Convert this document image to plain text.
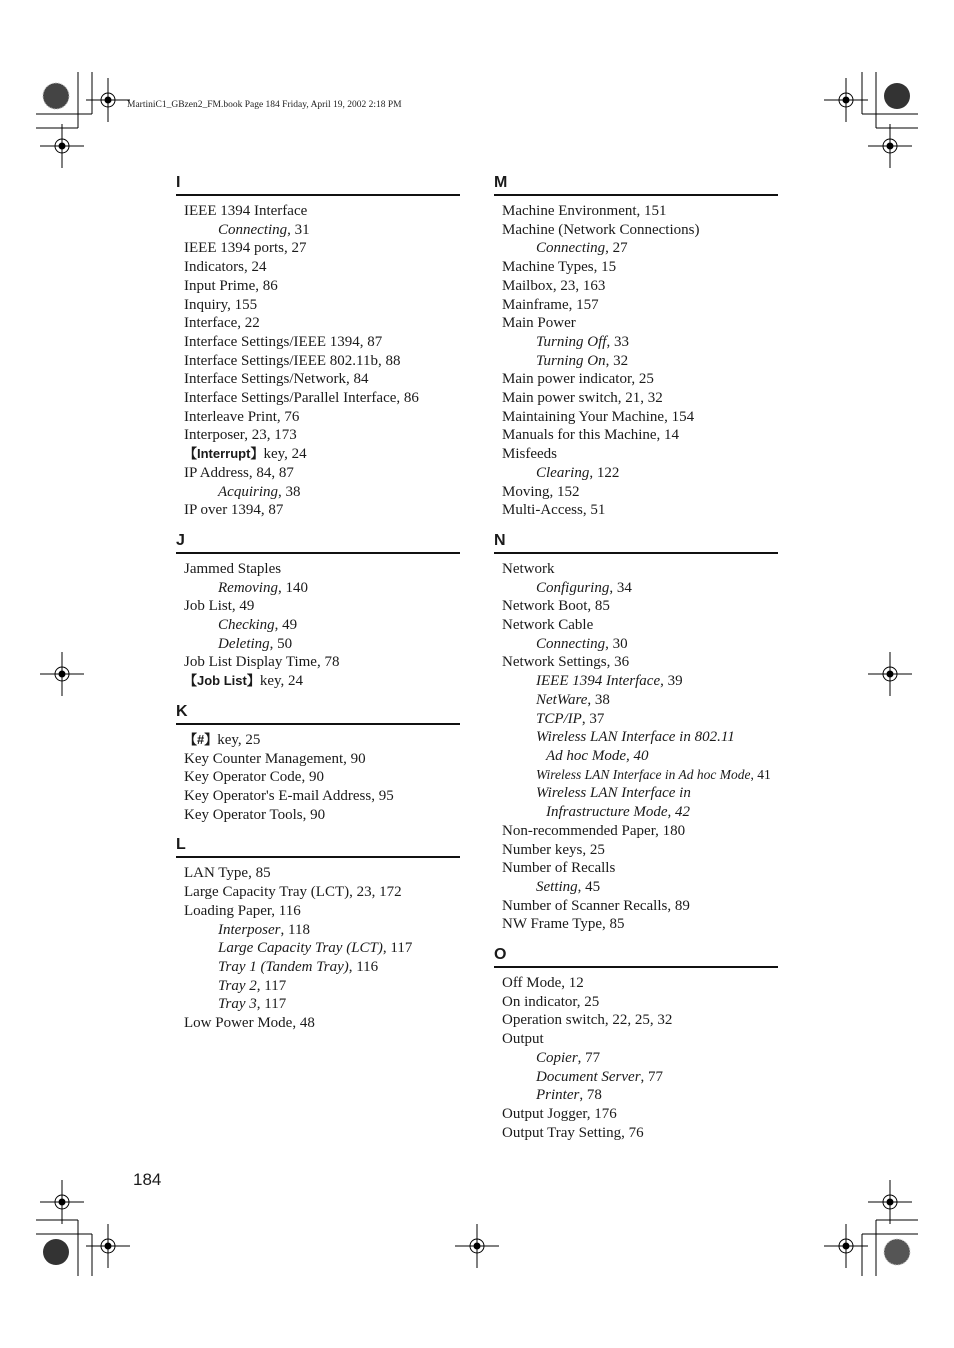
MartiniC1_GBzen2_FM.book Page 184 Friday, April 19, 2002 2:18 PM
I
IEEE 1394 Interface
Connecting, 31
IEEE 1394 ports, 27
Indicators, 24
Input Prime, 86
Inquiry, 155
Interface, 22
Interface Settings/IEEE 1394, 87
Interface Settings/IEEE 802.11b, 88
Interface Settings/Network, 84
Interface Settings/Parallel Interface, 86
Interleave Print, 76
Interposer, 23, 173
【Interrupt】key, 24
IP Address, 84, 87
Acquiring, 38
IP over 1394, 87
J
Jammed Staples
Removing, 140
Job List, 49
Checking, 49
Deleting, 50
Job List Display Time, 78
【Job List】key, 24
K
【#】key, 25
Key Counter Management, 90
Key Operator Code, 90
Key Operator's E-mail Address, 95
Key Operator Tools, 90
L
LAN Type, 85
Large Capacity Tray (LCT), 23, 172
Loading Paper, 116
Interposer, 118
Large Capacity Tray (LCT), 117
Tray 1 (Tandem Tray), 116
Tray 2, 117
Tray 3, 117
Low Power Mode, 48
M
Machine Environment, 151
Machine (Network Connections)
Connecting, 27
Machine Types, 15
Mailbox, 23, 163
Mainframe, 157
Main Power
Turning Off, 33
Turning On, 32
Main power indicator, 25
Main power switch, 21, 32
Maintaining Your Machine, 154
Manuals for this Machine, 14
Misfeeds
Clearing, 122
Moving, 152
Multi-Access, 51
N
Network
Configuring, 34
Network Boot, 85
Network Cable
Connecting, 30
Network Settings, 36
IEEE 1394 Interface, 39
NetWare, 38
TCP/IP, 37
Wireless LAN Interface in 802.11
Ad hoc Mode, 40
Wireless LAN Interface in Ad hoc Mode, 41
Wireless LAN Interface in
Infrastructure Mode, 42
Non-recommended Paper, 180
Number keys, 25
Number of Recalls
Setting, 45
Number of Scanner Recalls, 89
NW Frame Type, 85
O
Off Mode, 12
On indicator, 25
Operation switch, 22, 25, 32
Output
Copier, 77
Document Server, 77
Printer, 78
Output Jogger, 176
Output Tray Setting, 76
184
